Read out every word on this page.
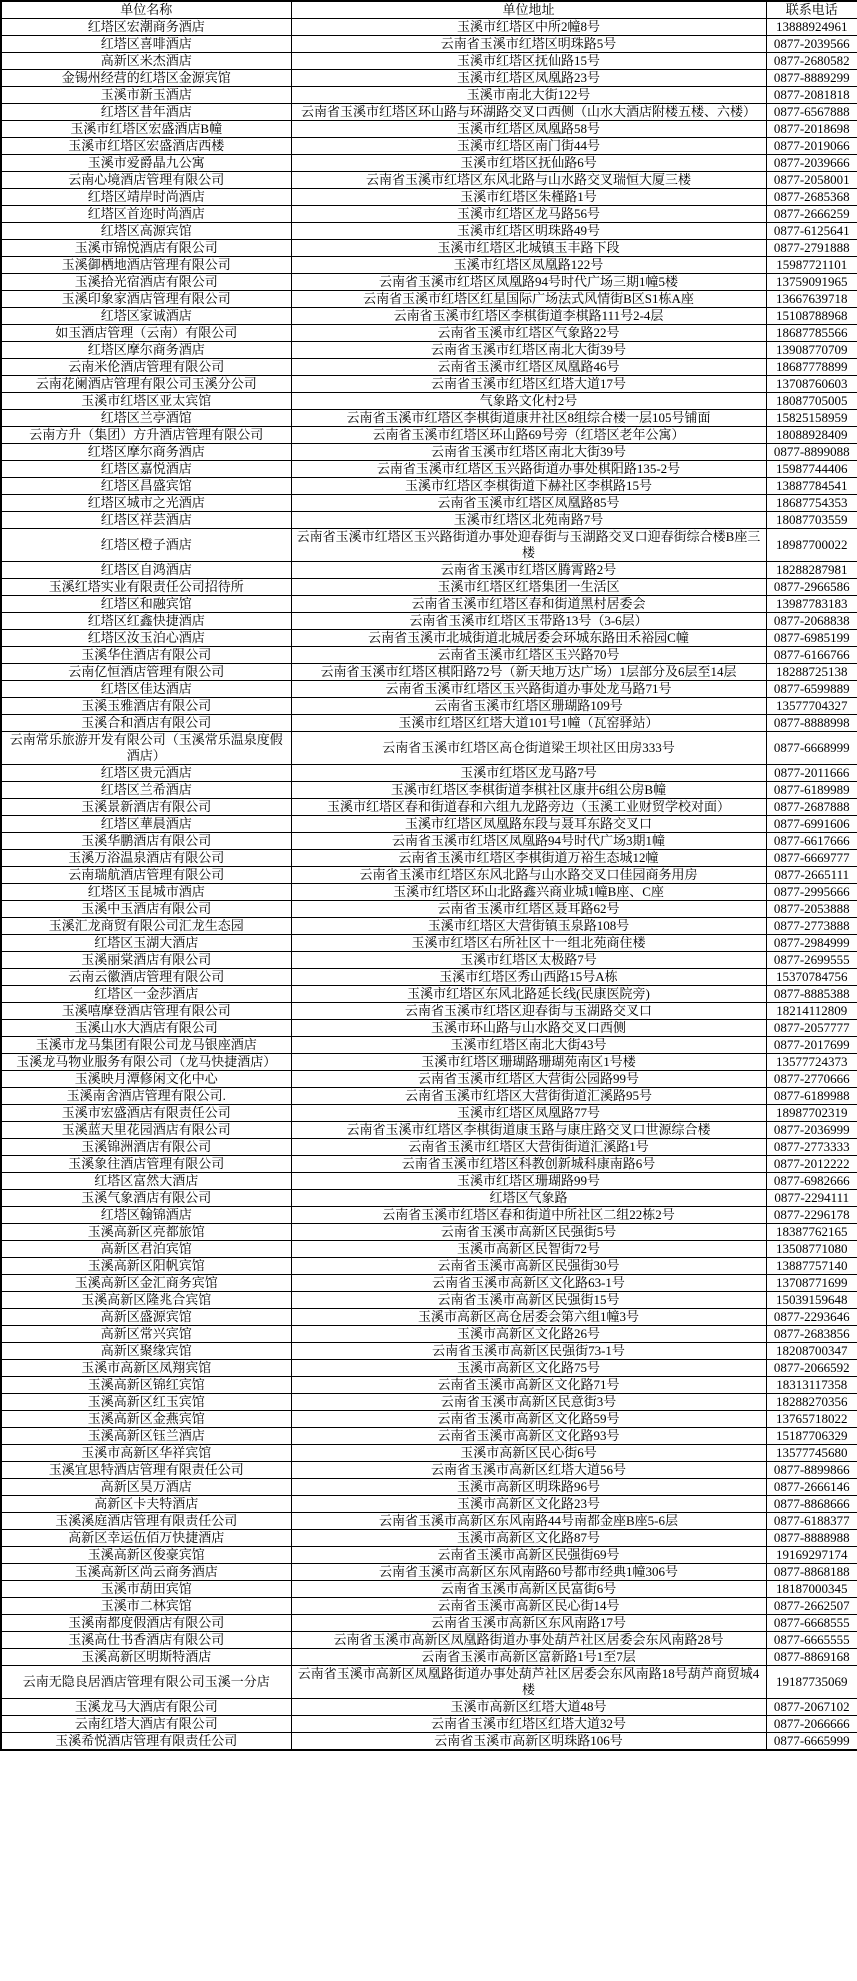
单位名称	单位地址	联系电话
红塔区宏潮商务酒店	玉溪市红塔区中所2幢8号	13888924961
红塔区喜啡酒店	云南省玉溪市红塔区明珠路5号	0877-2039566
高新区米杰酒店	玉溪市红塔区抚仙路15号	0877-2680582
金锡州经营的红塔区金源宾馆	玉溪市红塔区凤凰路23号	0877-8889299
玉溪市新玉酒店	玉溪市南北大街122号	0877-2081818
红塔区昔年酒店	云南省玉溪市红塔区环山路与环湖路交叉口西侧（山水大酒店附楼五楼、六楼）	0877-6567888
玉溪市红塔区宏盛酒店B幢	玉溪市红塔区凤凰路58号	0877-2018698
玉溪市红塔区宏盛酒店西楼	玉溪市红塔区南门街44号	0877-2019066
玉溪市爱爵晶九公寓	玉溪市红塔区抚仙路6号	0877-2039666
云南心境酒店管理有限公司	云南省玉溪市红塔区东风北路与山水路交叉瑞恒大厦三楼	0877-2058001
红塔区靖岸时尚酒店	玉溪市红塔区朱槿路1号	0877-2685368
红塔区首迩时尚酒店	玉溪市红塔区龙马路56号	0877-2666259
红塔区高源宾馆	玉溪市红塔区明珠路49号	0877-6125641
玉溪市锦悦酒店有限公司	玉溪市红塔区北城镇玉丰路下段	0877-2791888
玉溪御栖地酒店管理有限公司	玉溪市红塔区凤凰路122号	15987721101
玉溪拾光宿酒店有限公司	云南省玉溪市红塔区凤凰路94号时代广场三期1幢5楼	13759091965
玉溪印象家酒店管理有限公司	云南省玉溪市红塔区红星国际广场法式风情街B区S1栋A座	13667639718
红塔区家诚酒店	云南省玉溪市红塔区李棋街道李棋路111号2-4层	15108788968
如玉酒店管理（云南）有限公司	云南省玉溪市红塔区气象路22号	18687785566
红塔区摩尔商务酒店	云南省玉溪市红塔区南北大街39号	13908770709
云南米伦酒店管理有限公司	云南省玉溪市红塔区凤凰路46号	18687778899
云南花阑酒店管理有限公司玉溪分公司	云南省玉溪市红塔区红塔大道17号	13708760603
玉溪市红塔区亚太宾馆	气象路文化村2号	18087705005
红塔区兰亭酒馆	云南省玉溪市红塔区李棋街道康井社区8组综合楼一层105号铺面	15825158959
云南方升（集团）方升酒店管理有限公司	云南省玉溪市红塔区环山路69号旁（红塔区老年公寓）	18088928409
红塔区摩尔商务酒店	云南省玉溪市红塔区南北大街39号	0877-8899088
红塔区嘉悦酒店	云南省玉溪市红塔区玉兴路街道办事处棋阳路135-2号	15987744406
红塔区昌盛宾馆	玉溪市红塔区李棋街道下赫社区李棋路15号	13887784541
红塔区城市之光酒店	云南省玉溪市红塔区凤凰路85号	18687754353
红塔区祥芸酒店	玉溪市红塔区北苑南路7号	18087703559
红塔区橙子酒店	云南省玉溪市红塔区玉兴路街道办事处迎春街与玉湖路交叉口迎春街综合楼B座三楼	18987700022
红塔区自鸿酒店	云南省玉溪市红塔区腾霄路2号	18288287981
玉溪红塔实业有限责任公司招待所	玉溪市红塔区红塔集团一生活区	0877-2966586
红塔区和融宾馆	云南省玉溪市红塔区春和街道黑村居委会	13987783183
红塔区红鑫快捷酒店	云南省玉溪市红塔区玉带路13号（3-6层）	0877-2068838
红塔区汝玉泊心酒店	云南省玉溪市北城街道北城居委会环城东路田禾裕园C幢	0877-6985199
玉溪华住酒店有限公司	云南省玉溪市红塔区玉兴路70号	0877-6166766
云南亿恒酒店管理有限公司	云南省玉溪市红塔区棋阳路72号（新天地万达广场）1层部分及6层至14层	18288725138
红塔区佳达酒店	云南省玉溪市红塔区玉兴路街道办事处龙马路71号	0877-6599889
玉溪玉雅酒店有限公司	云南省玉溪市红塔区珊瑚路109号	13577704327
玉溪合和酒店有限公司	玉溪市红塔区红塔大道101号1幢（瓦窑驿站）	0877-8888998
云南常乐旅游开发有限公司（玉溪常乐温泉度假酒店）	云南省玉溪市红塔区高仓街道梁王坝社区田房333号	0877-6668999
红塔区贵元酒店	玉溪市红塔区龙马路7号	0877-2011666
红塔区兰希酒店	玉溪市红塔区李棋街道李棋社区康井6组公房B幢	0877-6189989
玉溪景新酒店有限公司	玉溪市红塔区春和街道春和六组九龙路旁边（玉溪工业财贸学校对面）	0877-2687888
红塔区華晨酒店	玉溪市红塔区凤凰路东段与聂耳东路交叉口	0877-6991606
玉溪华鹏酒店有限公司	云南省玉溪市红塔区凤凰路94号时代广场3期1幢	0877-6617666
玉溪万浴温泉酒店有限公司	云南省玉溪市红塔区李棋街道万裕生态城12幢	0877-6669777
云南瑞航酒店管理有限公司	云南省玉溪市红塔区东风北路与山水路交叉口佳园商务用房	0877-2665111
红塔区玉昆城市酒店	玉溪市红塔区环山北路鑫兴商业城1幢B座、C座	0877-2995666
玉溪中玉酒店有限公司	云南省玉溪市红塔区聂耳路62号	0877-2053888
玉溪汇龙商贸有限公司汇龙生态园	玉溪市红塔区大营街镇玉泉路108号	0877-2773888
红塔区玉湖大酒店	玉溪市红塔区右所社区十一组北苑商住楼	0877-2984999
玉溪丽棠酒店有限公司	玉溪市红塔区太极路7号	0877-2699555
云南云徽酒店管理有限公司	玉溪市红塔区秀山西路15号A栋	15370784756
红塔区一金莎酒店	玉溪市红塔区东风北路延长线(民康医院旁)	0877-8885388
玉溪嘻摩登酒店管理有限公司	云南省玉溪市红塔区迎春街与玉湖路交叉口	18214112809
玉溪山水大酒店有限公司	玉溪市环山路与山水路交叉口西侧	0877-2057777
玉溪市龙马集团有限公司龙马银座酒店	玉溪市红塔区南北大街43号	0877-2017699
玉溪龙马物业服务有限公司（龙马快捷酒店）	玉溪市红塔区珊瑚路珊瑚苑南区1号楼	13577724373
玉溪映月潭修闲文化中心	云南省玉溪市红塔区大营街公园路99号	0877-2770666
玉溪南舍酒店管理有限公司.	云南省玉溪市红塔区大营街街道汇溪路95号	0877-6189988
玉溪市宏盛酒店有限责任公司	玉溪市红塔区凤凰路77号	18987702319
玉溪蓝天里花园酒店有限公司	云南省玉溪市红塔区李棋街道康玉路与康庄路交叉口世源综合楼	0877-2036999
玉溪锦洲酒店有限公司	云南省玉溪市红塔区大营街街道汇溪路1号	0877-2773333
玉溪象往酒店管理有限公司	云南省玉溪市红塔区科教创新城科康南路6号	0877-2012222
红塔区富然大酒店	玉溪市红塔区珊瑚路99号	0877-6982666
玉溪气象酒店有限公司	红塔区气象路	0877-2294111
红塔区翰锦酒店	云南省玉溪市红塔区春和街道中所社区二组22栋2号	0877-2296178
玉溪高新区亮都旅馆	云南省玉溪市高新区民强街5号	18387762165
高新区君泊宾馆	玉溪市高新区民智街72号	13508771080
玉溪高新区阳帆宾馆	云南省玉溪市高新区民强街30号	13887757140
玉溪高新区金汇商务宾馆	云南省玉溪市高新区文化路63-1号	13708771699
玉溪高新区隆兆合宾馆	云南省玉溪市高新区民强街15号	15039159648
高新区盛源宾馆	玉溪市高新区高仓居委会第六组1幢3号	0877-2293646
高新区常兴宾馆	玉溪市高新区文化路26号	0877-2683856
高新区聚缘宾馆	云南省玉溪市高新区民强街73-1号	18208700347
玉溪市高新区凤翔宾馆	玉溪市高新区文化路75号	0877-2066592
玉溪高新区锦红宾馆	云南省玉溪市高新区文化路71号	18313117358
玉溪高新区红玉宾馆	云南省玉溪市高新区民意街3号	18288270356
玉溪高新区金燕宾馆	云南省玉溪市高新区文化路59号	13765718022
玉溪高新区钰兰酒店	云南省玉溪市高新区文化路93号	15187706329
玉溪市高新区华祥宾馆	玉溪市高新区民心街6号	13577745680
玉溪宜思特酒店管理有限责任公司	云南省玉溪市高新区红塔大道56号	0877-8899866
高新区昊万酒店	玉溪市高新区明珠路96号	0877-2666146
高新区卡夫特酒店	玉溪市高新区文化路23号	0877-8868666
玉溪溪庭酒店管理有限责任公司	云南省玉溪市高新区东风南路44号南都金座B座5-6层	0877-6188377
高新区幸运伍佰万快捷酒店	玉溪市高新区文化路87号	0877-8888988
玉溪高新区俊豪宾馆	云南省玉溪市高新区民强街69号	19169297174
玉溪高新区尚云商务酒店	云南省玉溪市高新区东风南路60号都市经典1幢306号	0877-8868188
玉溪市葫田宾馆	云南省玉溪市高新区民富街6号	18187000345
玉溪市二林宾馆	云南省玉溪市高新区民心街14号	0877-2662507
玉溪南都度假酒店有限公司	云南省玉溪市高新区东风南路17号	0877-6668555
玉溪高仕书香酒店有限公司	云南省玉溪市高新区凤凰路街道办事处葫芦社区居委会东风南路28号	0877-6665555
玉溪高新区明斯特酒店	云南省玉溪市高新区富新路1号1至7层	0877-8869168
云南无隐良居酒店管理有限公司玉溪一分店	云南省玉溪市高新区凤凰路街道办事处葫芦社区居委会东风南路18号葫芦商贸城4楼	19187735069
玉溪龙马大酒店有限公司	玉溪市高新区红塔大道48号	0877-2067102
云南红塔大酒店有限公司	云南省玉溪市红塔区红塔大道32号	0877-2066666
玉溪希悦酒店管理有限责任公司	云南省玉溪市高新区明珠路106号	0877-6665999
